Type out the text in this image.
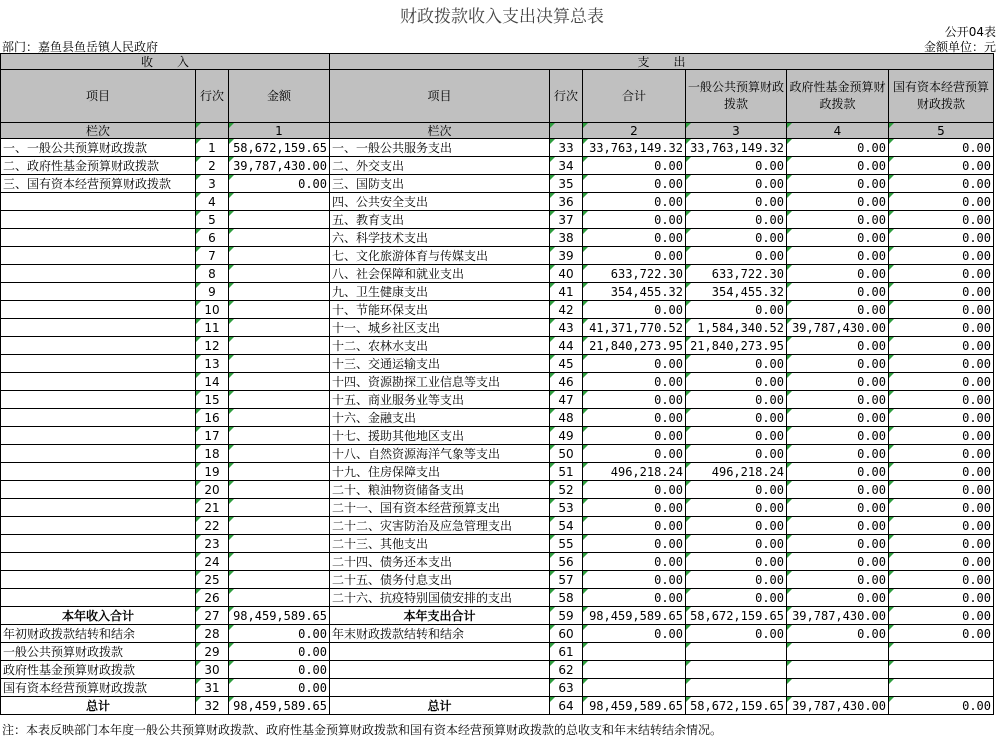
财政拨款收入支出决算总表
公开04表
部门：嘉鱼县鱼岳镇人民政府	金额单位：元
收　　入			支　　出					
项目	行次	金额	项目	行次	合计	一般公共预算财政拨款	政府性基金预算财政拨款	国有资本经营预算财政拨款
栏次		1	栏次		2	3	4	5
一、一般公共预算财政拨款	1	58,672,159.65	一、一般公共服务支出	33	33,763,149.32	33,763,149.32	0.00	0.00
二、政府性基金预算财政拨款	2	39,787,430.00	二、外交支出	34	0.00	0.00	0.00	0.00
三、国有资本经营预算财政拨款	3	0.00	三、国防支出	35	0.00	0.00	0.00	0.00
	4		四、公共安全支出	36	0.00	0.00	0.00	0.00
	5		五、教育支出	37	0.00	0.00	0.00	0.00
	6		六、科学技术支出	38	0.00	0.00	0.00	0.00
	7		七、文化旅游体育与传媒支出	39	0.00	0.00	0.00	0.00
	8		八、社会保障和就业支出	40	633,722.30	633,722.30	0.00	0.00
	9		九、卫生健康支出	41	354,455.32	354,455.32	0.00	0.00
	10		十、节能环保支出	42	0.00	0.00	0.00	0.00
	11		十一、城乡社区支出	43	41,371,770.52	1,584,340.52	39,787,430.00	0.00
	12		十二、农林水支出	44	21,840,273.95	21,840,273.95	0.00	0.00
	13		十三、交通运输支出	45	0.00	0.00	0.00	0.00
	14		十四、资源勘探工业信息等支出	46	0.00	0.00	0.00	0.00
	15		十五、商业服务业等支出	47	0.00	0.00	0.00	0.00
	16		十六、金融支出	48	0.00	0.00	0.00	0.00
	17		十七、援助其他地区支出	49	0.00	0.00	0.00	0.00
	18		十八、自然资源海洋气象等支出	50	0.00	0.00	0.00	0.00
	19		十九、住房保障支出	51	496,218.24	496,218.24	0.00	0.00
	20		二十、粮油物资储备支出	52	0.00	0.00	0.00	0.00
	21		二十一、国有资本经营预算支出	53	0.00	0.00	0.00	0.00
	22		二十二、灾害防治及应急管理支出	54	0.00	0.00	0.00	0.00
	23		二十三、其他支出	55	0.00	0.00	0.00	0.00
	24		二十四、债务还本支出	56	0.00	0.00	0.00	0.00
	25		二十五、债务付息支出	57	0.00	0.00	0.00	0.00
	26		二十六、抗疫特别国债安排的支出	58	0.00	0.00	0.00	0.00
本年收入合计	27	98,459,589.65	本年支出合计	59	98,459,589.65	58,672,159.65	39,787,430.00	0.00
年初财政拨款结转和结余	28	0.00	年末财政拨款结转和结余	60	0.00	0.00	0.00	0.00
一般公共预算财政拨款	29	0.00		61				
政府性基金预算财政拨款	30	0.00		62				
国有资本经营预算财政拨款	31	0.00		63				
总计	32	98,459,589.65	总计	64	98,459,589.65	58,672,159.65	39,787,430.00	0.00
注：本表反映部门本年度一般公共预算财政拨款、政府性基金预算财政拨款和国有资本经营预算财政拨款的总收支和年末结转结余情况。
